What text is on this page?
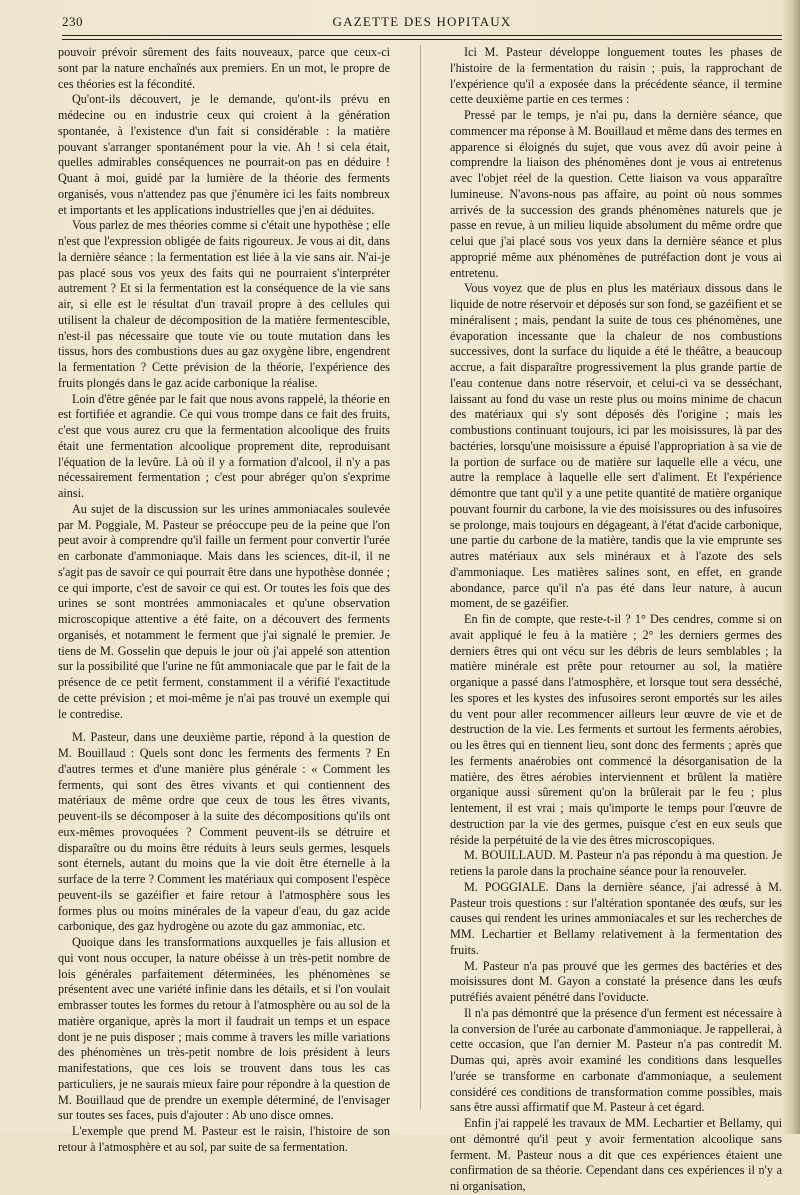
230	GAZETTE DES HOPITAUX

pouvoir prévoir sûrement des faits nouveaux, parce que ceux-ci sont par la nature enchaînés aux premiers. En un mot, le propre de ces théories est la fécondité.

Qu'ont-ils découvert, je le demande, qu'ont-ils prévu en médecine ou en industrie ceux qui croient à la génération spontanée, à l'existence d'un fait si considérable : la matière pouvant s'arranger spontanément pour la vie. Ah ! si cela était, quelles admirables conséquences ne pourrait-on pas en déduire ! Quant à moi, guidé par la lumière de la théorie des ferments organisés, vous n'attendez pas que j'énumère ici les faits nombreux et importants et les applications industrielles que j'en ai déduites.

Vous parlez de mes théories comme si c'était une hypothèse ; elle n'est que l'expression obligée de faits rigoureux. Je vous ai dit, dans la dernière séance : la fermentation est liée à la vie sans air. N'ai-je pas placé sous vos yeux des faits qui ne pourraient s'interpréter autrement ? Et si la fermentation est la conséquence de la vie sans air, si elle est le résultat d'un travail propre à des cellules qui utilisent la chaleur de décomposition de la matière fermentescible, n'est-il pas nécessaire que toute vie ou toute mutation dans les tissus, hors des combustions dues au gaz oxygène libre, engendrent la fermentation ? Cette prévision de la théorie, l'expérience des fruits plongés dans le gaz acide carbonique la réalise.

Loin d'être gênée par le fait que nous avons rappelé, la théorie en est fortifiée et agrandie. Ce qui vous trompe dans ce fait des fruits, c'est que vous aurez cru que la fermentation alcoolique des fruits était une fermentation alcoolique proprement dite, reproduisant l'équation de la levûre. Là où il y a formation d'alcool, il n'y a pas nécessairement fermentation ; c'est pour abréger qu'on s'exprime ainsi.

Au sujet de la discussion sur les urines ammoniacales soulevée par M. Poggiale, M. Pasteur se préoccupe peu de la peine que l'on peut avoir à comprendre qu'il faille un ferment pour convertir l'urée en carbonate d'ammoniaque. Mais dans les sciences, dit-il, il ne s'agit pas de savoir ce qui pourrait être dans une hypothèse donnée ; ce qui importe, c'est de savoir ce qui est. Or toutes les fois que des urines se sont montrées ammoniacales et qu'une observation microscopique attentive a été faite, on a découvert des ferments organisés, et notamment le ferment que j'ai signalé le premier. Je tiens de M. Gosselin que depuis le jour où j'ai appelé son attention sur la possibilité que l'urine ne fût ammoniacale que par le fait de la présence de ce petit ferment, constamment il a vérifié l'exactitude de cette prévision ; et moi-même je n'ai pas trouvé un exemple qui le contredise.

M. Pasteur, dans une deuxième partie, répond à la question de M. Bouillaud : Quels sont donc les ferments des ferments ? En d'autres termes et d'une manière plus générale : « Comment les ferments, qui sont des êtres vivants et qui contiennent des matériaux de même ordre que ceux de tous les êtres vivants, peuvent-ils se décomposer à la suite des décompositions qu'ils ont eux-mêmes provoquées ? Comment peuvent-ils se détruire et disparaître ou du moins être réduits à leurs seuls germes, lesquels sont éternels, autant du moins que la vie doit être éternelle à la surface de la terre ? Comment les matériaux qui composent l'espèce peuvent-ils se gazéifier et faire retour à l'atmosphère sous les formes plus ou moins minérales de la vapeur d'eau, du gaz acide carbonique, des gaz hydrogène ou azote du gaz ammoniac, etc.

Quoique dans les transformations auxquelles je fais allusion et qui vont nous occuper, la nature obéisse à un très-petit nombre de lois générales parfaitement déterminées, les phénomènes se présentent avec une variété infinie dans les détails, et si l'on voulait embrasser toutes les formes du retour à l'atmosphère ou au sol de la matière organique, après la mort il faudrait un temps et un espace dont je ne puis disposer ; mais comme à travers les mille variations des phénomènes un très-petit nombre de lois président à leurs manifestations, que ces lois se trouvent dans tous les cas particuliers, je ne saurais mieux faire pour répondre à la question de M. Bouillaud que de prendre un exemple déterminé, de l'envisager sur toutes ses faces, puis d'ajouter : Ab uno disce omnes.

L'exemple que prend M. Pasteur est le raisin, l'histoire de son retour à l'atmosphère et au sol, par suite de sa fermentation.

Ici M. Pasteur développe longuement toutes les phases de l'histoire de la fermentation du raisin ; puis, la rapprochant de l'expérience qu'il a exposée dans la précédente séance, il termine cette deuxième partie en ces termes :

Pressé par le temps, je n'ai pu, dans la dernière séance, que commencer ma réponse à M. Bouillaud et même dans des termes en apparence si éloignés du sujet, que vous avez dû avoir peine à comprendre la liaison des phénomènes dont je vous ai entretenus avec l'objet réel de la question. Cette liaison va vous apparaître lumineuse. N'avons-nous pas affaire, au point où nous sommes arrivés de la succession des grands phénomènes naturels que je passe en revue, à un milieu liquide absolument du même ordre que celui que j'ai placé sous vos yeux dans la dernière séance et plus approprié même aux phénomènes de putréfaction dont je vous ai entretenu.

Vous voyez que de plus en plus les matériaux dissous dans le liquide de notre réservoir et déposés sur son fond, se gazéifient et se minéralisent ; mais, pendant la suite de tous ces phénomènes, une évaporation incessante que la chaleur de nos combustions successives, dont la surface du liquide a été le théâtre, a beaucoup accrue, a fait disparaître progressivement la plus grande partie de l'eau contenue dans notre réservoir, et celui-ci va se desséchant, laissant au fond du vase un reste plus ou moins minime de chacun des matériaux qui s'y sont déposés dès l'origine ; mais les combustions continuant toujours, ici par les moisissures, là par des bactéries, lorsqu'une moisissure a épuisé l'appropriation à sa vie de la portion de surface ou de matière sur laquelle elle a vécu, une autre la remplace à laquelle elle sert d'aliment. Et l'expérience démontre que tant qu'il y a une petite quantité de matière organique pouvant fournir du carbone, la vie des moisissures ou des infusoires se prolonge, mais toujours en dégageant, à l'état d'acide carbonique, une partie du carbone de la matière, tandis que la vie emprunte ses autres matériaux aux sels minéraux et à l'azote des sels d'ammoniaque. Les matières salines sont, en effet, en grande abondance, parce qu'il n'a pas été dans leur nature, à aucun moment, de se gazéifier.

En fin de compte, que reste-t-il ? 1° Des cendres, comme si on avait appliqué le feu à la matière ; 2° les derniers germes des derniers êtres qui ont vécu sur les débris de leurs semblables ; la matière minérale est prête pour retourner au sol, la matière organique a passé dans l'atmosphère, et lorsque tout sera desséché, les spores et les kystes des infusoires seront emportés sur les ailes du vent pour aller recommencer ailleurs leur œuvre de vie et de destruction de la vie. Les ferments et surtout les ferments aérobies, ou les êtres qui en tiennent lieu, sont donc des ferments ; après que les ferments anaérobies ont commencé la désorganisation de la matière, des êtres aérobies interviennent et brûlent la matière organique aussi sûrement qu'on la brûlerait par le feu ; plus lentement, il est vrai ; mais qu'importe le temps pour l'œuvre de destruction par la vie des germes, puisque c'est en eux seuls que réside la perpétuité de la vie des êtres microscopiques.

M. BOUILLAUD. M. Pasteur n'a pas répondu à ma question. Je retiens la parole dans la prochaine séance pour la renouveler.

M. POGGIALE. Dans la dernière séance, j'ai adressé à M. Pasteur trois questions : sur l'altération spontanée des œufs, sur les causes qui rendent les urines ammoniacales et sur les recherches de MM. Lechartier et Bellamy relativement à la fermentation des fruits.

M. Pasteur n'a pas prouvé que les germes des bactéries et des moisissures dont M. Gayon a constaté la présence dans les œufs putréfiés avaient pénétré dans l'oviducte.

Il n'a pas démontré que la présence d'un ferment est nécessaire à la conversion de l'urée au carbonate d'ammoniaque. Je rappellerai, à cette occasion, que l'an dernier M. Pasteur n'a pas contredit M. Dumas qui, après avoir examiné les conditions dans lesquelles l'urée se transforme en carbonate d'ammoniaque, a seulement considéré ces conditions de transformation comme possibles, mais sans être aussi affirmatif que M. Pasteur à cet égard.

Enfin j'ai rappelé les travaux de MM. Lechartier et Bellamy, qui ont démontré qu'il peut y avoir fermentation alcoolique sans ferment. M. Pasteur nous a dit que ces expériences étaient une confirmation de sa théorie. Cependant dans ces expériences il n'y a ni organisation,
